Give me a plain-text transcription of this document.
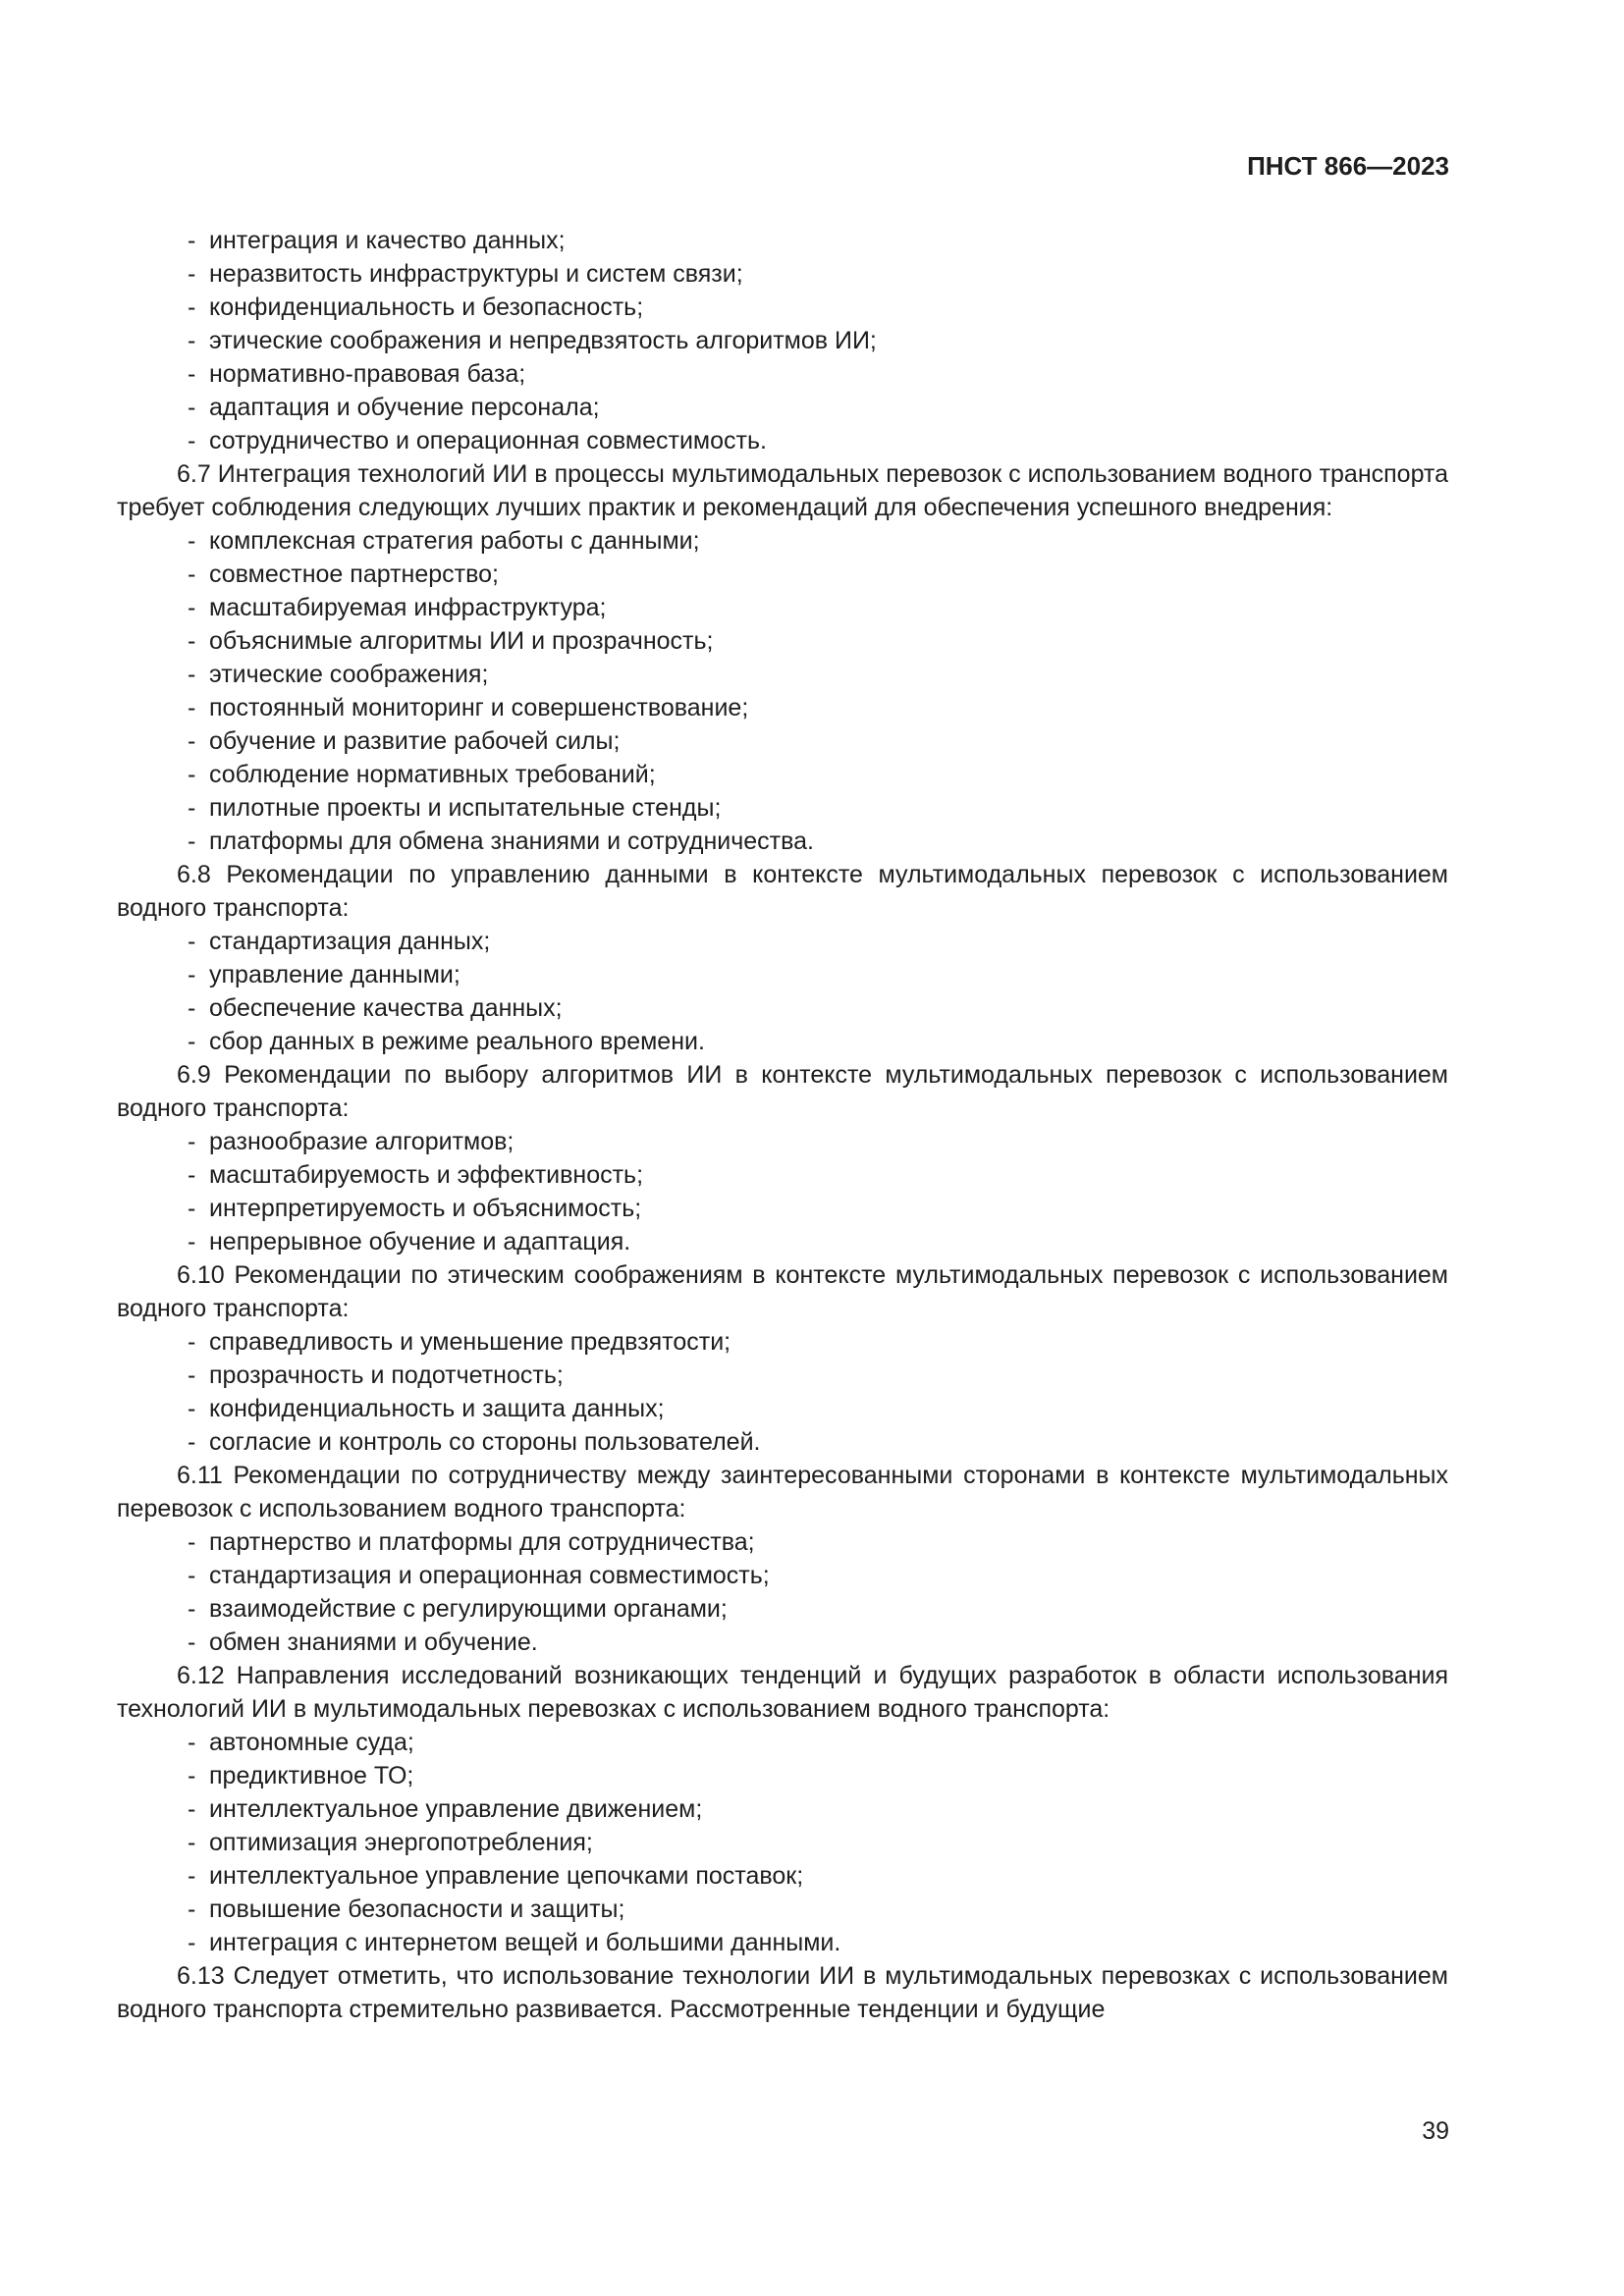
ПНСТ 866—2023
- интеграция и качество данных;
- неразвитость инфраструктуры и систем связи;
- конфиденциальность и безопасность;
- этические соображения и непредвзятость алгоритмов ИИ;
- нормативно-правовая база;
- адаптация и обучение персонала;
- сотрудничество и операционная совместимость.

6.7 Интеграция технологий ИИ в процессы мультимодальных перевозок с использованием водного транспорта требует соблюдения следующих лучших практик и рекомендаций для обеспечения успешного внедрения:

- комплексная стратегия работы с данными;
- совместное партнерство;
- масштабируемая инфраструктура;
- объяснимые алгоритмы ИИ и прозрачность;
- этические соображения;
- постоянный мониторинг и совершенствование;
- обучение и развитие рабочей силы;
- соблюдение нормативных требований;
- пилотные проекты и испытательные стенды;
- платформы для обмена знаниями и сотрудничества.

6.8 Рекомендации по управлению данными в контексте мультимодальных перевозок с использованием водного транспорта:

- стандартизация данных;
- управление данными;
- обеспечение качества данных;
- сбор данных в режиме реального времени.

6.9 Рекомендации по выбору алгоритмов ИИ в контексте мультимодальных перевозок с использованием водного транспорта:

- разнообразие алгоритмов;
- масштабируемость и эффективность;
- интерпретируемость и объяснимость;
- непрерывное обучение и адаптация.

6.10 Рекомендации по этическим соображениям в контексте мультимодальных перевозок с использованием водного транспорта:

- справедливость и уменьшение предвзятости;
- прозрачность и подотчетность;
- конфиденциальность и защита данных;
- согласие и контроль со стороны пользователей.

6.11 Рекомендации по сотрудничеству между заинтересованными сторонами в контексте мультимодальных перевозок с использованием водного транспорта:

- партнерство и платформы для сотрудничества;
- стандартизация и операционная совместимость;
- взаимодействие с регулирующими органами;
- обмен знаниями и обучение.

6.12 Направления исследований возникающих тенденций и будущих разработок в области использования технологий ИИ в мультимодальных перевозках с использованием водного транспорта:

- автономные суда;
- предиктивное ТО;
- интеллектуальное управление движением;
- оптимизация энергопотребления;
- интеллектуальное управление цепочками поставок;
- повышение безопасности и защиты;
- интеграция с интернетом вещей и большими данными.

6.13 Следует отметить, что использование технологии ИИ в мультимодальных перевозках с использованием водного транспорта стремительно развивается. Рассмотренные тенденции и будущие

39
